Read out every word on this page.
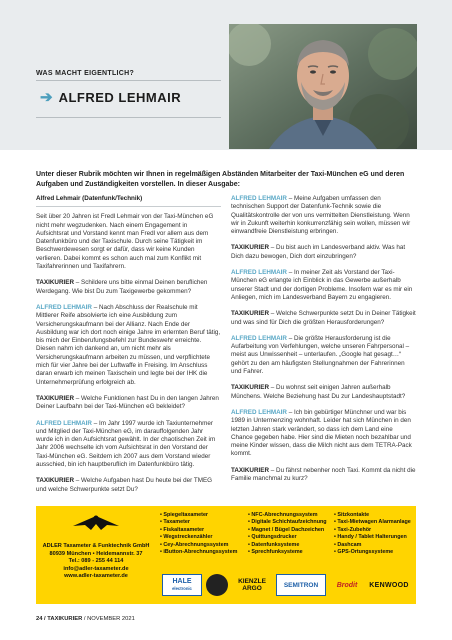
WAS MACHT EIGENTLICH?
➔ ALFRED LEHMAIR
Unter dieser Rubrik möchten wir Ihnen in regelmäßigen Abständen Mitarbeiter der Taxi-München eG und deren Aufgaben und Zuständigkeiten vorstellen. In dieser Ausgabe:
Alfred Lehmair (Datenfunk/Technik)

Seit über 20 Jahren ist Fredl Lehmair von der Taxi-München eG nicht mehr wegzudenken. Nach einem Engagement in Aufsichtsrat und Vorstand kennt man Fredl vor allem aus dem Datenfunkbüro und der Taxischule. Durch seine Tätigkeit im Beschwerdewesen sorgt er dafür, dass wir keine Kunden verlieren. Dabei kommt es schon auch mal zum Konflikt mit Taxifahrerinnen und Taxifahrern.

TAXIKURIER – Schildere uns bitte einmal Deinen beruflichen Werdegang. Wie bist Du zum Taxigewerbe gekommen?

ALFRED LEHMAIR – Nach Abschluss der Realschule mit Mittlerer Reife absolvierte ich eine Ausbildung zum Versicherungskaufmann bei der Allianz. Nach Ende der Ausbildung war ich dort noch einige Jahre im erlernten Beruf tätig, bis mich der Einberufungsbefehl zur Bundeswehr erreichte. Diesen nahm ich dankend an, um nicht mehr als Versicherungskaufmann arbeiten zu müssen, und verpflichtete mich für vier Jahre bei der Luftwaffe in Freising. Im Anschluss daran erwarb ich meinen Taxischein und legte bei der IHK die Unternehmerprüfung erfolgreich ab.

TAXIKURIER – Welche Funktionen hast Du in den langen Jahren Deiner Laufbahn bei der Taxi-München eG bekleidet?

ALFRED LEHMAIR – Im Jahr 1997 wurde ich Taxiunternehmer und Mitglied der Taxi-München eG, im darauffolgenden Jahr wurde ich in den Aufsichtsrat gewählt. In der chaotischen Zeit im Jahr 2006 wechselte ich vom Aufsichtsrat in den Vorstand der Taxi-München eG. Seitdem ich 2007 aus dem Vorstand wieder ausschied, bin ich hauptberuflich im Datenfunkbüro tätig.

TAXIKURIER – Welche Aufgaben hast Du heute bei der TMEG und welche Schwerpunkte setzt Du?

ALFRED LEHMAIR – Meine Aufgaben umfassen den technischen Support der Datenfunk-Technik sowie die Qualitätskontrolle der von uns vermittelten Dienstleistung. Wenn wir in Zukunft weiterhin konkurrenzfähig sein wollen, müssen wir einwandfreie Dienstleistung erbringen.

TAXIKURIER – Du bist auch im Landesverband aktiv. Was hat Dich dazu bewogen, Dich dort einzubringen?

ALFRED LEHMAIR – In meiner Zeit als Vorstand der Taxi-München eG erlangte ich Einblick in das Gewerbe außerhalb unserer Stadt und der dortigen Probleme. Insofern war es mir ein Anliegen, mich im Landesverband Bayern zu engagieren.

TAXIKURIER – Welche Schwerpunkte setzt Du in Deiner Tätigkeit und was sind für Dich die größten Herausforderungen?

ALFRED LEHMAIR – Die größte Herausforderung ist die Aufarbeitung von Verfehlungen, welche unseren Fahrpersonal – meist aus Unwissenheit – unterlaufen. „Google hat gesagt…“ gehört zu den am häufigsten Stellungnahmen der Fahrerinnen und Fahrer.

TAXIKURIER – Du wohnst seit einigen Jahren außerhalb Münchens. Welche Beziehung hast Du zur Landeshauptstadt?

ALFRED LEHMAIR – Ich bin gebürtiger Münchner und war bis 1989 in Untermenzing wohnhaft. Leider hat sich München in den letzten Jahren stark verändert, so dass ich dem Land eine Chance gegeben habe. Hier sind die Mieten noch bezahlbar und meine Kinder wissen, dass die Milch nicht aus dem TETRA-Pack kommt.

TAXIKURIER – Du fährst nebenher noch Taxi. Kommt da nicht die Familie manchmal zu kurz?

ADLER Taxameter & Funktechnik GmbH
80939 München • Heidemannstr. 37
Tel.: 089 - 255 44 114
info@adler-taxameter.de
www.adler-taxameter.de
• Spiegeltaxameter
• Taxameter
• Fiskaltaxameter
• Wegstreckenzähler
• Cey-Abrechnungssystem
• iButton-Abrechnungssystem
• NFC-Abrechnungssystem
• Digitale Schichtaufzeichnung
• Magnet / Bügel Dachzeichen
• Quittungsdrucker
• Datenfunksysteme
• Sprechfunksysteme
• Sitzkontakte
• Taxi-Mietwagen Alarmanlage
• Taxi-Zubehör
• Handy / Tablet Halterungen
• Dashcam
• GPS-Ortungssysteme
HALE
electronic
KIENZLE
ARGO	SEMITRON	Brodit	KENWOOD
24 / TAXIKURIER / NOVEMBER 2021
